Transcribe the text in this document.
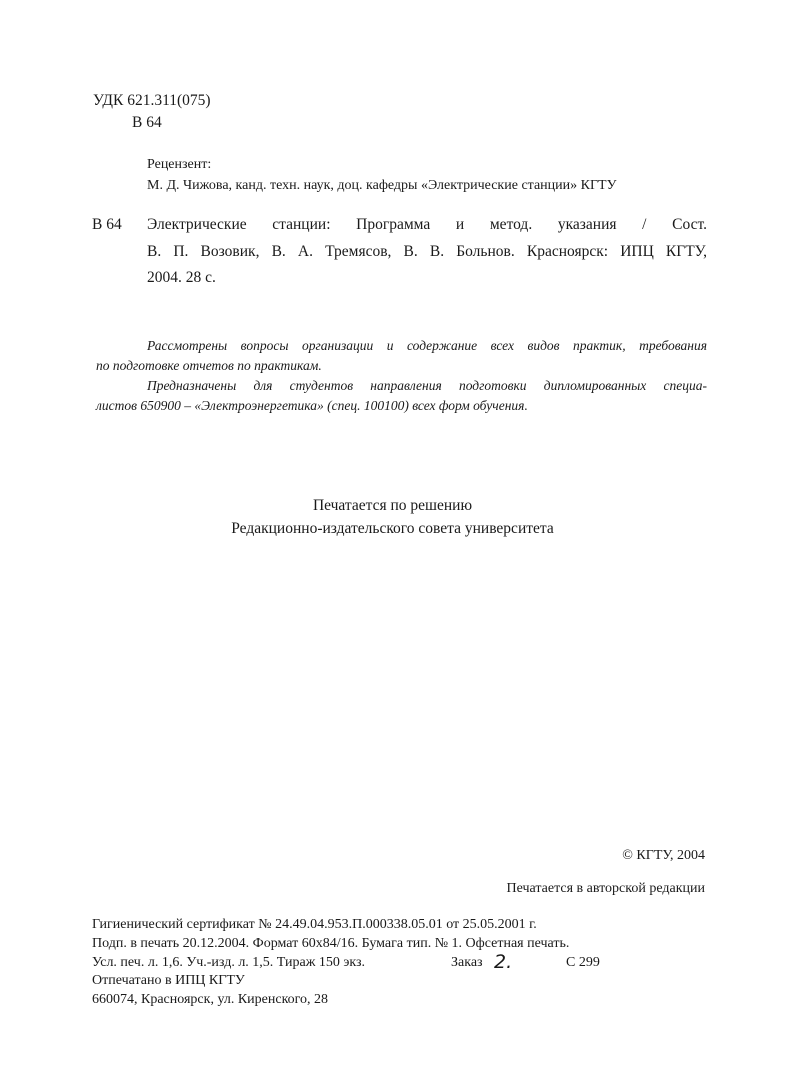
УДК 621.311(075)
В 64
Рецензент:
М. Д. Чижова, канд. техн. наук, доц. кафедры «Электрические станции» КГТУ
В 64 Электрические станции: Программа и метод. указания / Сост.
В. П. Возовик, В. А. Тремясов, В. В. Больнов. Красноярск: ИПЦ КГТУ,
2004. 28 с.
Рассмотрены вопросы организации и содержание всех видов практик, требования
по подготовке отчетов по практикам.
Предназначены для студентов направления подготовки дипломированных специа-
листов 650900 – «Электроэнергетика» (спец. 100100) всех форм обучения.
Печатается по решению
Редакционно-издательского совета университета
© КГТУ, 2004
Печатается в авторской редакции
Гигиенический сертификат № 24.49.04.953.П.000338.05.01 от 25.05.2001 г.
Подп. в печать 20.12.2004. Формат 60х84/16. Бумага тип. № 1. Офсетная печать.
Усл. печ. л. 1,6. Уч.-изд. л. 1,5. Тираж 150 экз.	Заказ 2.	С 299
Отпечатано в ИПЦ КГТУ
660074, Красноярск, ул. Киренского, 28
